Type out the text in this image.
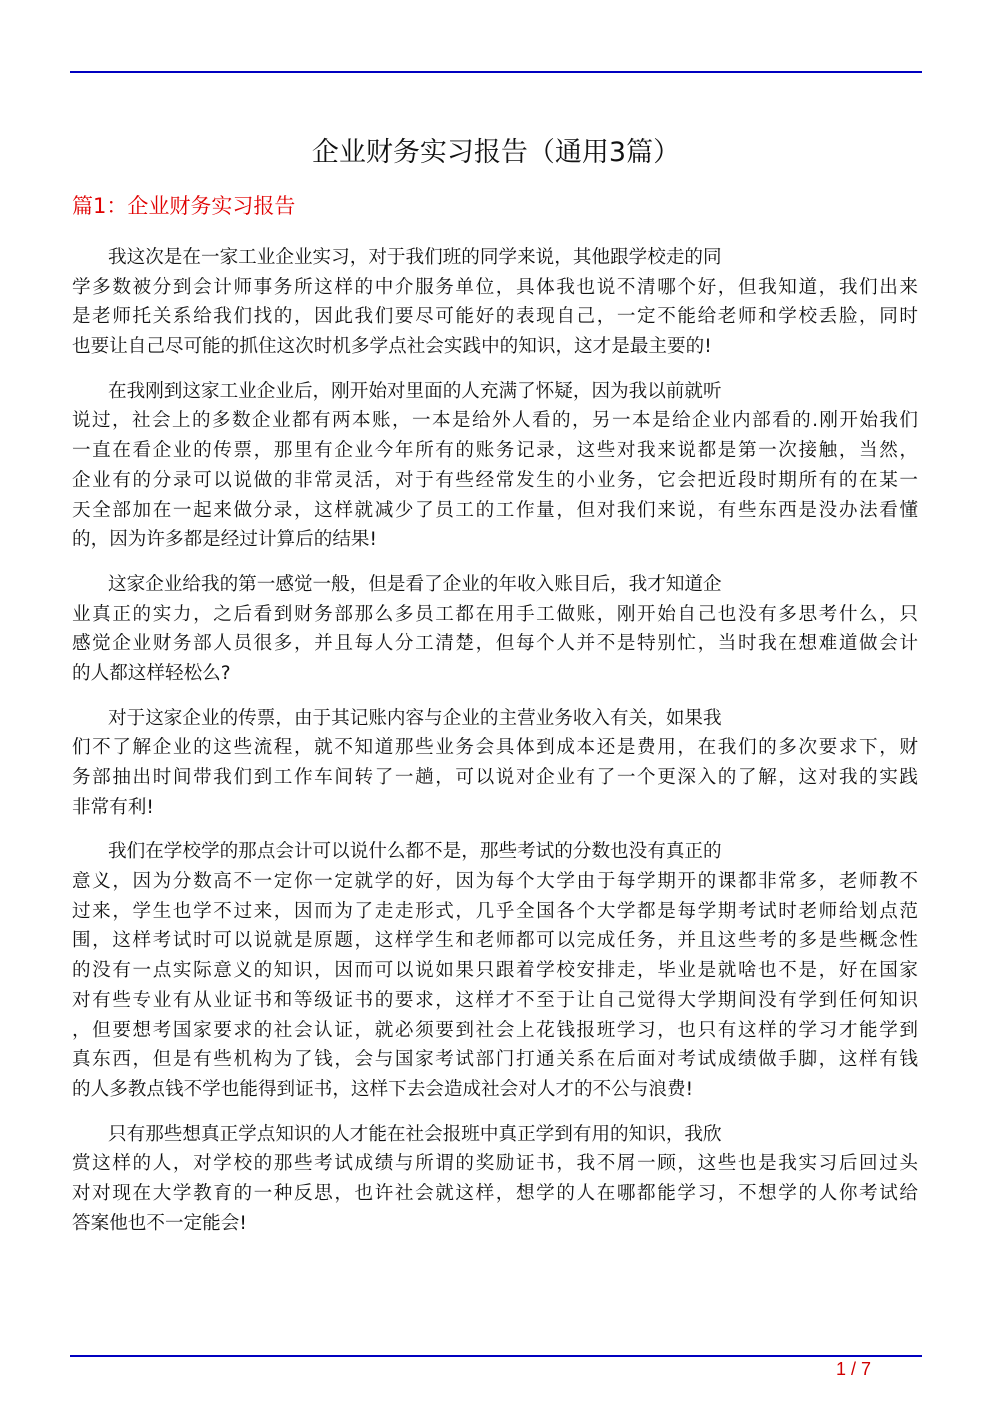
企业财务实习报告（通用3篇）
篇1：企业财务实习报告
我这次是在一家工业企业实习，对于我们班的同学来说，其他跟学校走的同
学多数被分到会计师事务所这样的中介服务单位，具体我也说不清哪个好，但我知道，我们出来
是老师托关系给我们找的，因此我们要尽可能好的表现自己，一定不能给老师和学校丢脸，同时
也要让自己尽可能的抓住这次时机多学点社会实践中的知识，这才是最主要的!
在我刚到这家工业企业后，刚开始对里面的人充满了怀疑，因为我以前就听
说过，社会上的多数企业都有两本账，一本是给外人看的，另一本是给企业内部看的.刚开始我们
一直在看企业的传票，那里有企业今年所有的账务记录，这些对我来说都是第一次接触，当然，
企业有的分录可以说做的非常灵活，对于有些经常发生的小业务，它会把近段时期所有的在某一
天全部加在一起来做分录，这样就减少了员工的工作量，但对我们来说，有些东西是没办法看懂
的，因为许多都是经过计算后的结果!
这家企业给我的第一感觉一般，但是看了企业的年收入账目后，我才知道企
业真正的实力，之后看到财务部那么多员工都在用手工做账，刚开始自己也没有多思考什么，只
感觉企业财务部人员很多，并且每人分工清楚，但每个人并不是特别忙，当时我在想难道做会计
的人都这样轻松么?
对于这家企业的传票，由于其记账内容与企业的主营业务收入有关，如果我
们不了解企业的这些流程，就不知道那些业务会具体到成本还是费用，在我们的多次要求下，财
务部抽出时间带我们到工作车间转了一趟，可以说对企业有了一个更深入的了解，这对我的实践
非常有利!
我们在学校学的那点会计可以说什么都不是，那些考试的分数也没有真正的
意义，因为分数高不一定你一定就学的好，因为每个大学由于每学期开的课都非常多，老师教不
过来，学生也学不过来，因而为了走走形式，几乎全国各个大学都是每学期考试时老师给划点范
围，这样考试时可以说就是原题，这样学生和老师都可以完成任务，并且这些考的多是些概念性
的没有一点实际意义的知识，因而可以说如果只跟着学校安排走，毕业是就啥也不是，好在国家
对有些专业有从业证书和等级证书的要求，这样才不至于让自己觉得大学期间没有学到任何知识
，但要想考国家要求的社会认证，就必须要到社会上花钱报班学习，也只有这样的学习才能学到
真东西，但是有些机构为了钱，会与国家考试部门打通关系在后面对考试成绩做手脚，这样有钱
的人多教点钱不学也能得到证书，这样下去会造成社会对人才的不公与浪费!
只有那些想真正学点知识的人才能在社会报班中真正学到有用的知识，我欣
赏这样的人，对学校的那些考试成绩与所谓的奖励证书，我不屑一顾，这些也是我实习后回过头
对对现在大学教育的一种反思，也许社会就这样，想学的人在哪都能学习，不想学的人你考试给
答案他也不一定能会!
1 / 7
